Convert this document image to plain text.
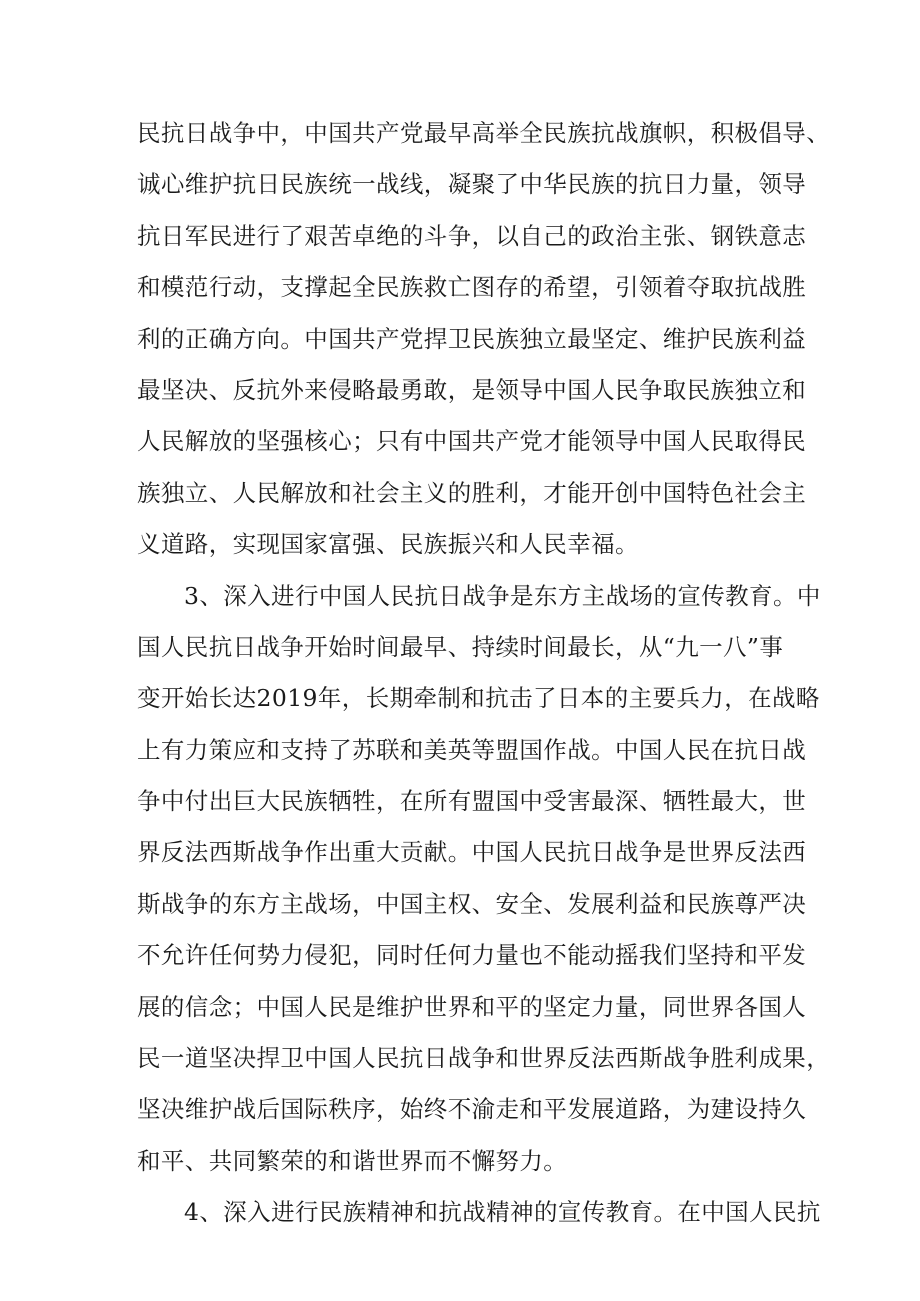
民抗日战争中，中国共产党最早高举全民族抗战旗帜，积极倡导、
诚心维护抗日民族统一战线，凝聚了中华民族的抗日力量，领导
抗日军民进行了艰苦卓绝的斗争，以自己的政治主张、钢铁意志
和模范行动，支撑起全民族救亡图存的希望，引领着夺取抗战胜
利的正确方向。中国共产党捍卫民族独立最坚定、维护民族利益
最坚决、反抗外来侵略最勇敢，是领导中国人民争取民族独立和
人民解放的坚强核心；只有中国共产党才能领导中国人民取得民
族独立、人民解放和社会主义的胜利，才能开创中国特色社会主
义道路，实现国家富强、民族振兴和人民幸福。
3、深入进行中国人民抗日战争是东方主战场的宣传教育。中
国人民抗日战争开始时间最早、持续时间最长，从“九一八”事
变开始长达2019年，长期牵制和抗击了日本的主要兵力，在战略
上有力策应和支持了苏联和美英等盟国作战。中国人民在抗日战
争中付出巨大民族牺牲，在所有盟国中受害最深、牺牲最大，世
界反法西斯战争作出重大贡献。中国人民抗日战争是世界反法西
斯战争的东方主战场，中国主权、安全、发展利益和民族尊严决
不允许任何势力侵犯，同时任何力量也不能动摇我们坚持和平发
展的信念；中国人民是维护世界和平的坚定力量，同世界各国人
民一道坚决捍卫中国人民抗日战争和世界反法西斯战争胜利成果，
坚决维护战后国际秩序，始终不渝走和平发展道路，为建设持久
和平、共同繁荣的和谐世界而不懈努力。
4、深入进行民族精神和抗战精神的宣传教育。在中国人民抗
